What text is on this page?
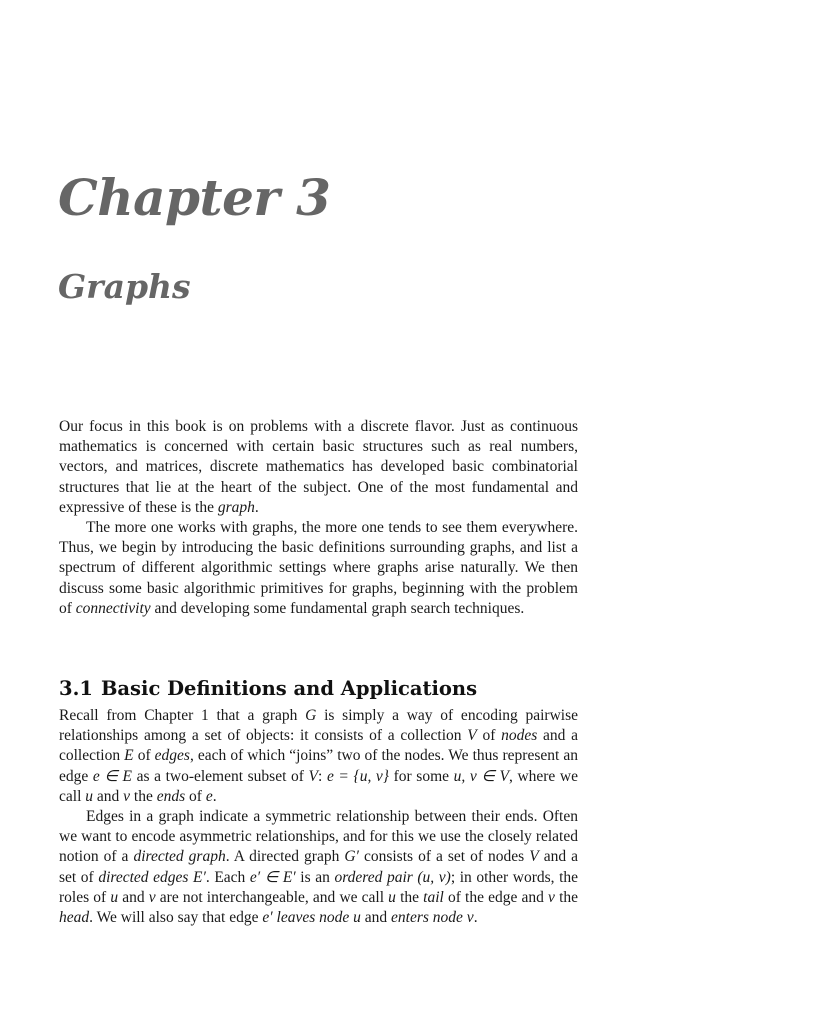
Chapter 3
Graphs

Our focus in this book is on problems with a discrete flavor. Just as continuous mathematics is concerned with certain basic structures such as real numbers, vectors, and matrices, discrete mathematics has developed basic combinatorial structures that lie at the heart of the subject. One of the most fundamental and expressive of these is the graph.

The more one works with graphs, the more one tends to see them everywhere. Thus, we begin by introducing the basic definitions surrounding graphs, and list a spectrum of different algorithmic settings where graphs arise naturally. We then discuss some basic algorithmic primitives for graphs, beginning with the problem of connectivity and developing some fundamental graph search techniques.

3.1 Basic Definitions and Applications

Recall from Chapter 1 that a graph G is simply a way of encoding pairwise relationships among a set of objects: it consists of a collection V of nodes and a collection E of edges, each of which “joins” two of the nodes. We thus represent an edge e ∈ E as a two-element subset of V: e = {u, v} for some u, v ∈ V, where we call u and v the ends of e.

Edges in a graph indicate a symmetric relationship between their ends. Often we want to encode asymmetric relationships, and for this we use the closely related notion of a directed graph. A directed graph G′ consists of a set of nodes V and a set of directed edges E′. Each e′ ∈ E′ is an ordered pair (u, v); in other words, the roles of u and v are not interchangeable, and we call u the tail of the edge and v the head. We will also say that edge e′ leaves node u and enters node v.
